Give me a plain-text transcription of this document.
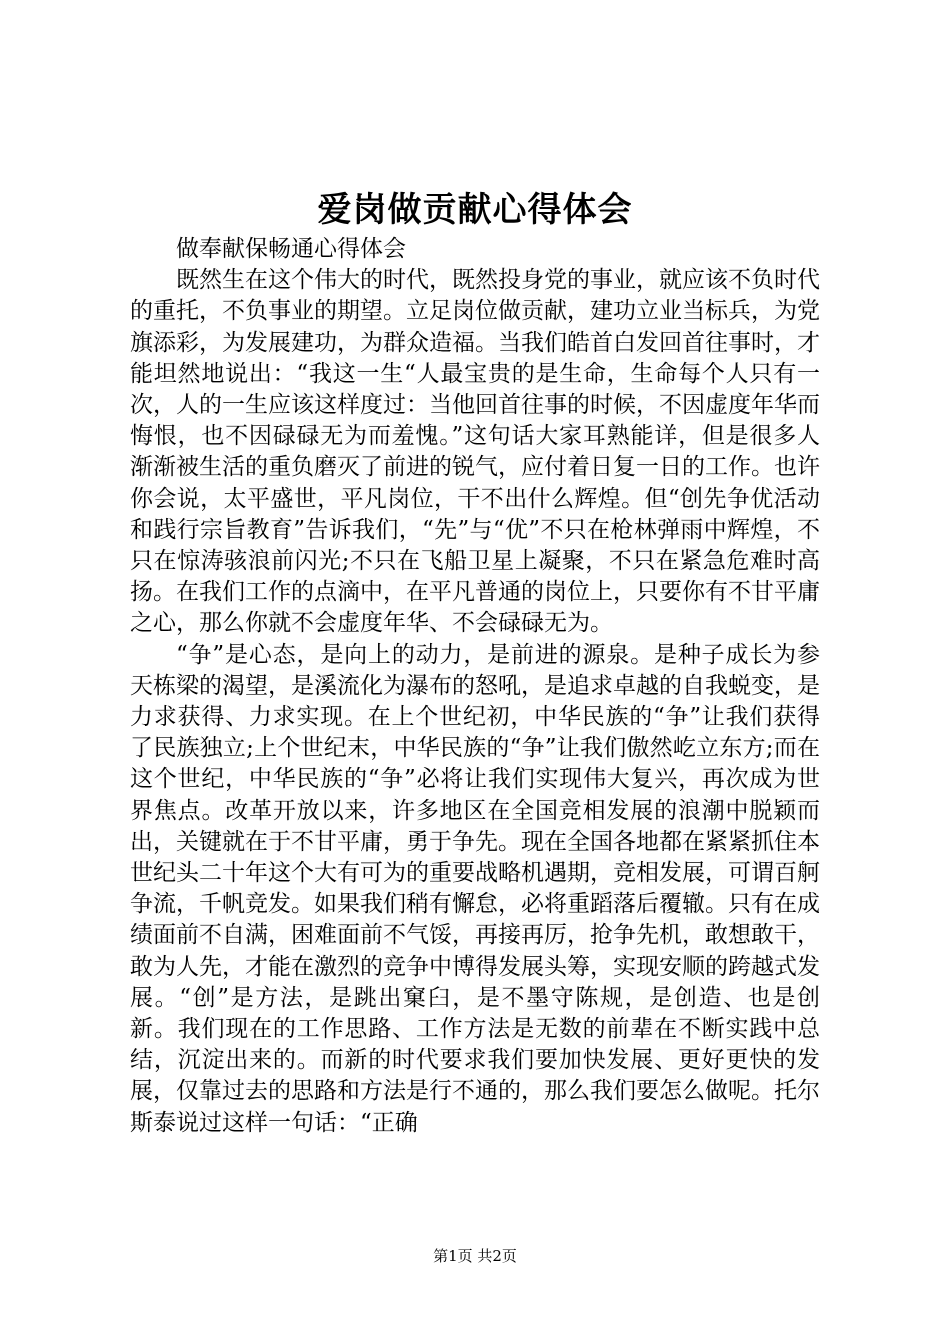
爱岗做贡献心得体会

做奉献保畅通心得体会

既然生在这个伟大的时代，既然投身党的事业，就应该不负时代的重托，不负事业的期望。立足岗位做贡献，建功立业当标兵，为党旗添彩，为发展建功，为群众造福。当我们皓首白发回首往事时，才能坦然地说出：“我这一生“人最宝贵的是生命，生命每个人只有一次，人的一生应该这样度过：当他回首往事的时候，不因虚度年华而悔恨，也不因碌碌无为而羞愧。”这句话大家耳熟能详，但是很多人渐渐被生活的重负磨灭了前进的锐气，应付着日复一日的工作。也许你会说，太平盛世，平凡岗位，干不出什么辉煌。但“创先争优活动和践行宗旨教育”告诉我们，“先”与“优”不只在枪林弹雨中辉煌，不只在惊涛骇浪前闪光;不只在飞船卫星上凝聚，不只在紧急危难时高扬。在我们工作的点滴中，在平凡普通的岗位上，只要你有不甘平庸之心，那么你就不会虚度年华、不会碌碌无为。

“争”是心态，是向上的动力，是前进的源泉。是种子成长为参天栋梁的渴望，是溪流化为瀑布的怒吼，是追求卓越的自我蜕变，是力求获得、力求实现。在上个世纪初，中华民族的“争”让我们获得了民族独立;上个世纪末，中华民族的“争”让我们傲然屹立东方;而在这个世纪，中华民族的“争”必将让我们实现伟大复兴，再次成为世界焦点。改革开放以来，许多地区在全国竞相发展的浪潮中脱颖而出，关键就在于不甘平庸，勇于争先。现在全国各地都在紧紧抓住本世纪头二十年这个大有可为的重要战略机遇期，竞相发展，可谓百舸争流，千帆竞发。如果我们稍有懈怠，必将重蹈落后覆辙。只有在成绩面前不自满，困难面前不气馁，再接再厉，抢争先机，敢想敢干，敢为人先，才能在激烈的竞争中博得发展头筹，实现安顺的跨越式发展。“创”是方法，是跳出窠臼，是不墨守陈规，是创造、也是创新。我们现在的工作思路、工作方法是无数的前辈在不断实践中总结，沉淀出来的。而新的时代要求我们要加快发展、更好更快的发展，仅靠过去的思路和方法是行不通的，那么我们要怎么做呢。托尔斯泰说过这样一句话：“正确

第1页 共2页
